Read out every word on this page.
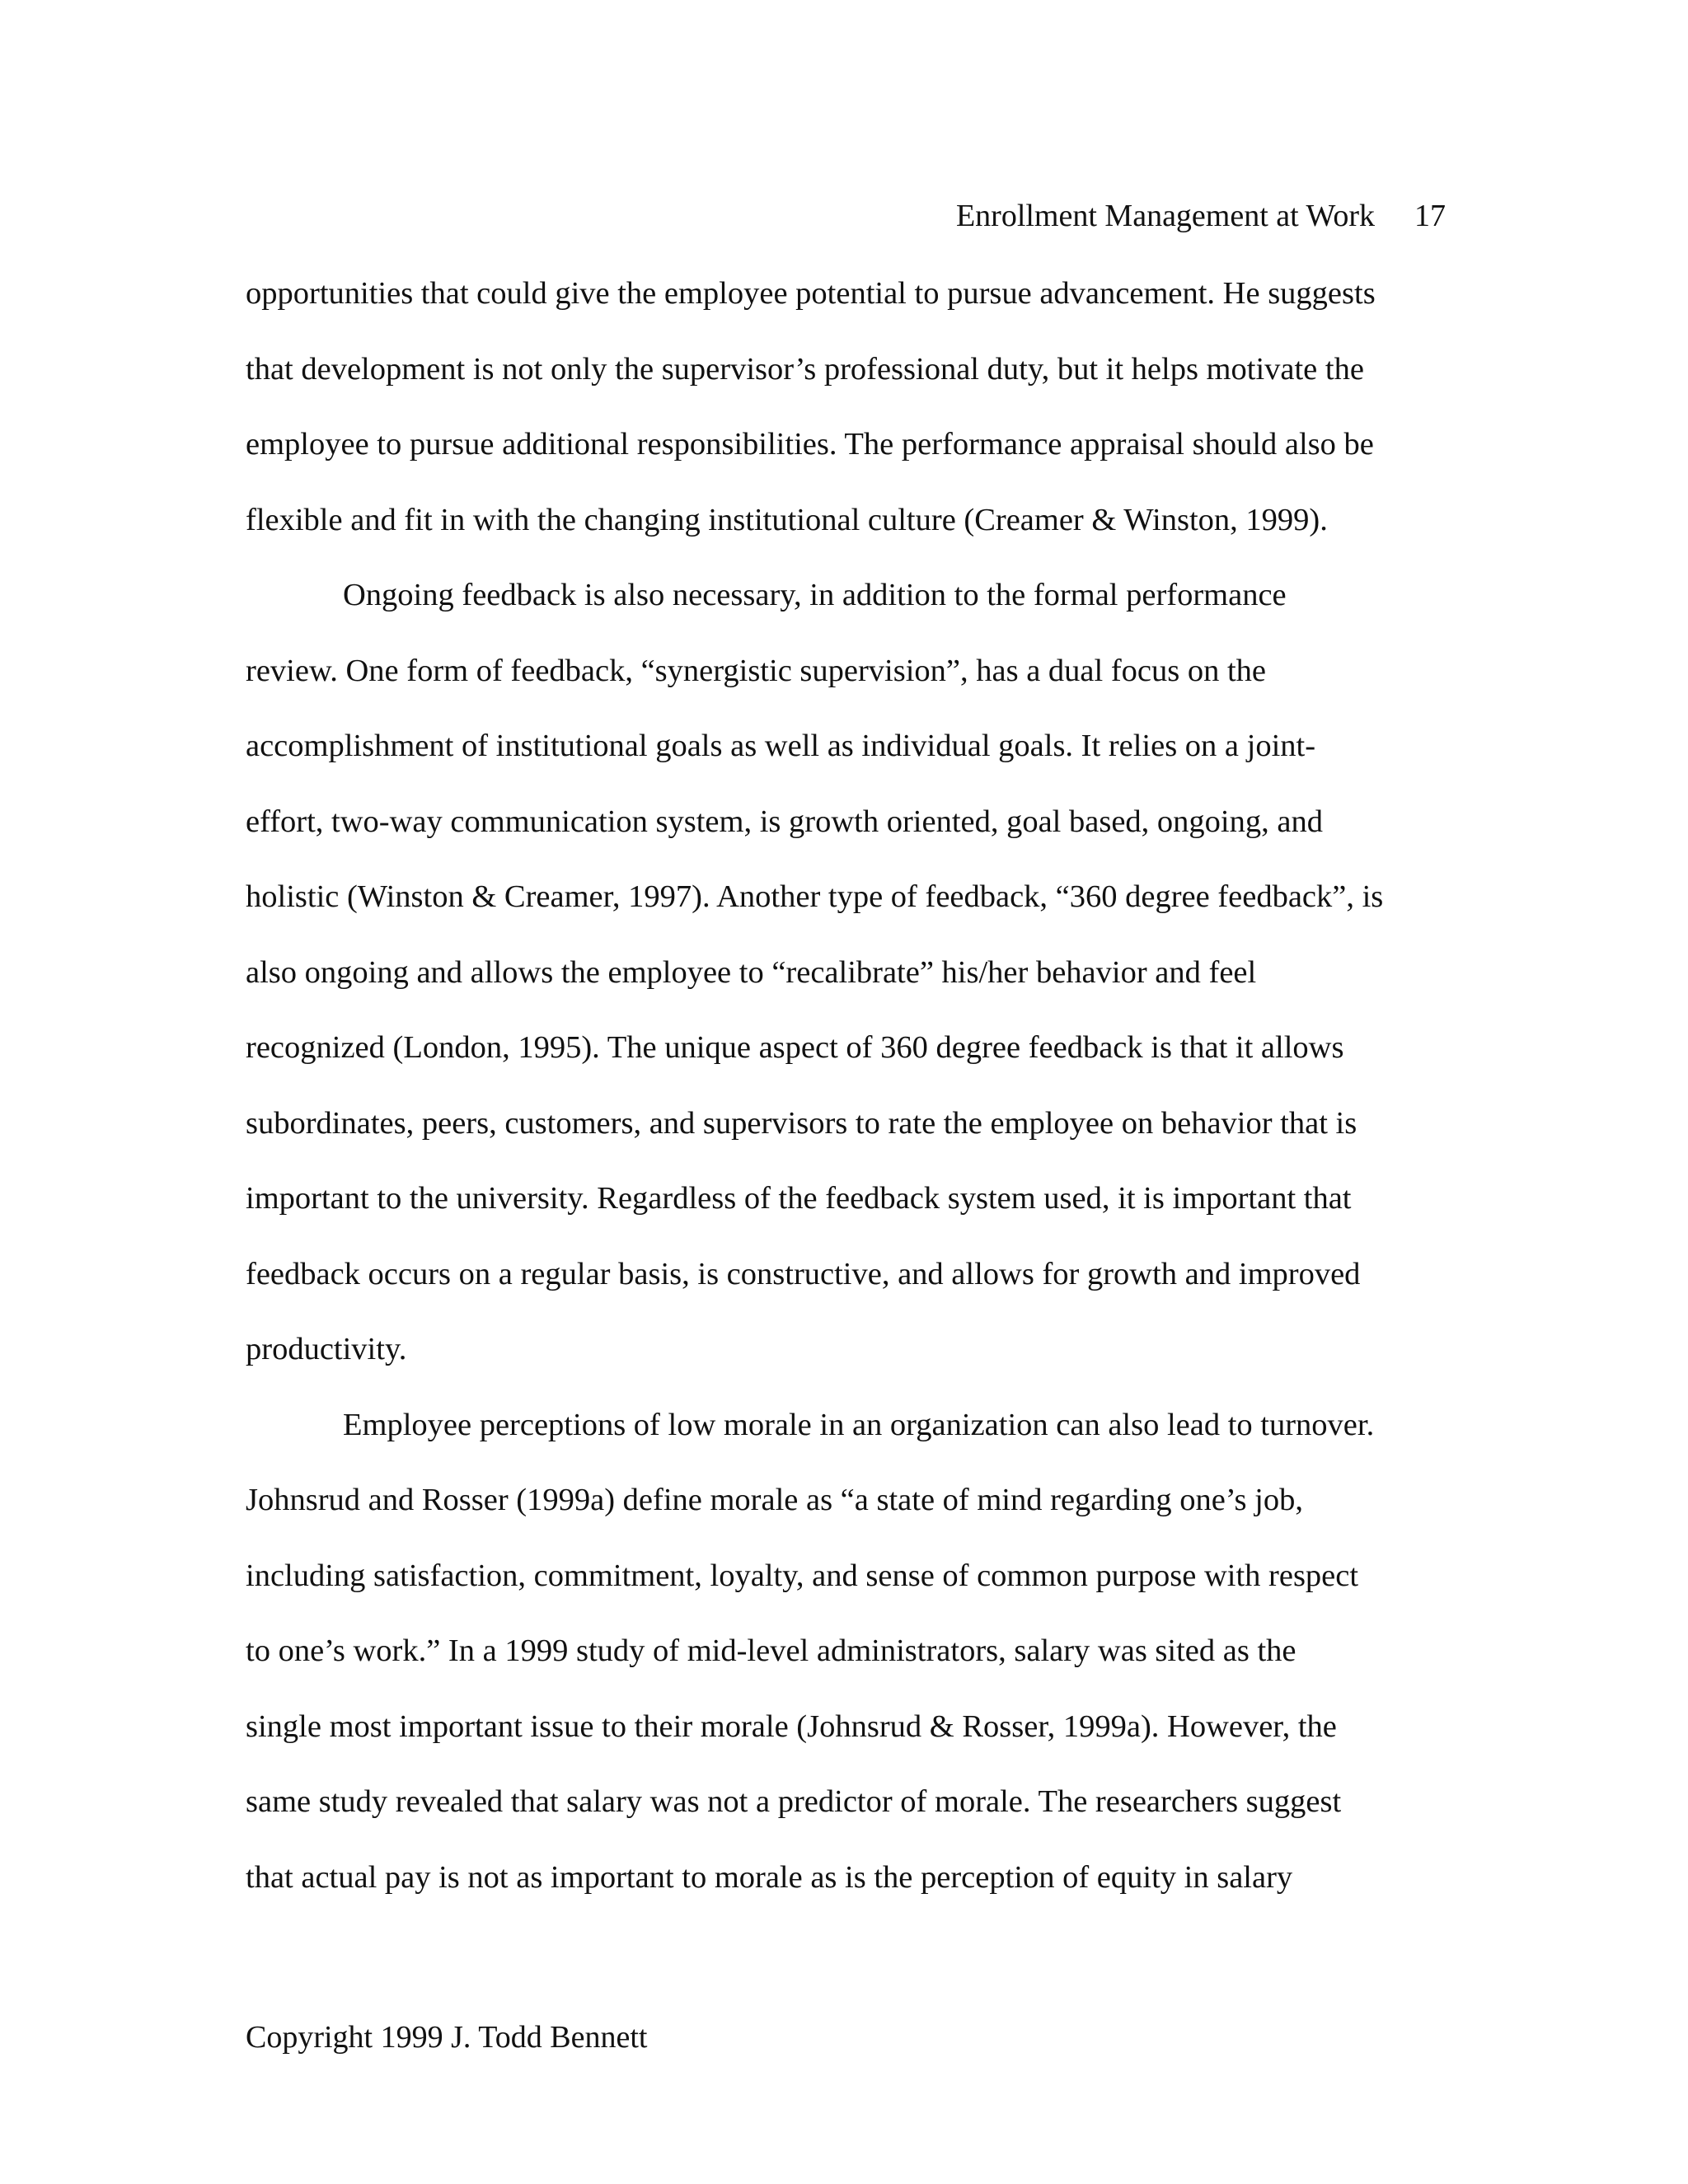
Enrollment Management at Work 17
opportunities that could give the employee potential to pursue advancement. He suggests
that development is not only the supervisor’s professional duty, but it helps motivate the
employee to pursue additional responsibilities. The performance appraisal should also be
flexible and fit in with the changing institutional culture (Creamer & Winston, 1999).
Ongoing feedback is also necessary, in addition to the formal performance
review. One form of feedback, “synergistic supervision”, has a dual focus on the
accomplishment of institutional goals as well as individual goals. It relies on a joint-
effort, two-way communication system, is growth oriented, goal based, ongoing, and
holistic (Winston & Creamer, 1997). Another type of feedback, “360 degree feedback”, is
also ongoing and allows the employee to “recalibrate” his/her behavior and feel
recognized (London, 1995). The unique aspect of 360 degree feedback is that it allows
subordinates, peers, customers, and supervisors to rate the employee on behavior that is
important to the university. Regardless of the feedback system used, it is important that
feedback occurs on a regular basis, is constructive, and allows for growth and improved
productivity.
Employee perceptions of low morale in an organization can also lead to turnover.
Johnsrud and Rosser (1999a) define morale as “a state of mind regarding one’s job,
including satisfaction, commitment, loyalty, and sense of common purpose with respect
to one’s work.” In a 1999 study of mid-level administrators, salary was sited as the
single most important issue to their morale (Johnsrud & Rosser, 1999a). However, the
same study revealed that salary was not a predictor of morale. The researchers suggest
that actual pay is not as important to morale as is the perception of equity in salary
Copyright 1999 J. Todd Bennett
